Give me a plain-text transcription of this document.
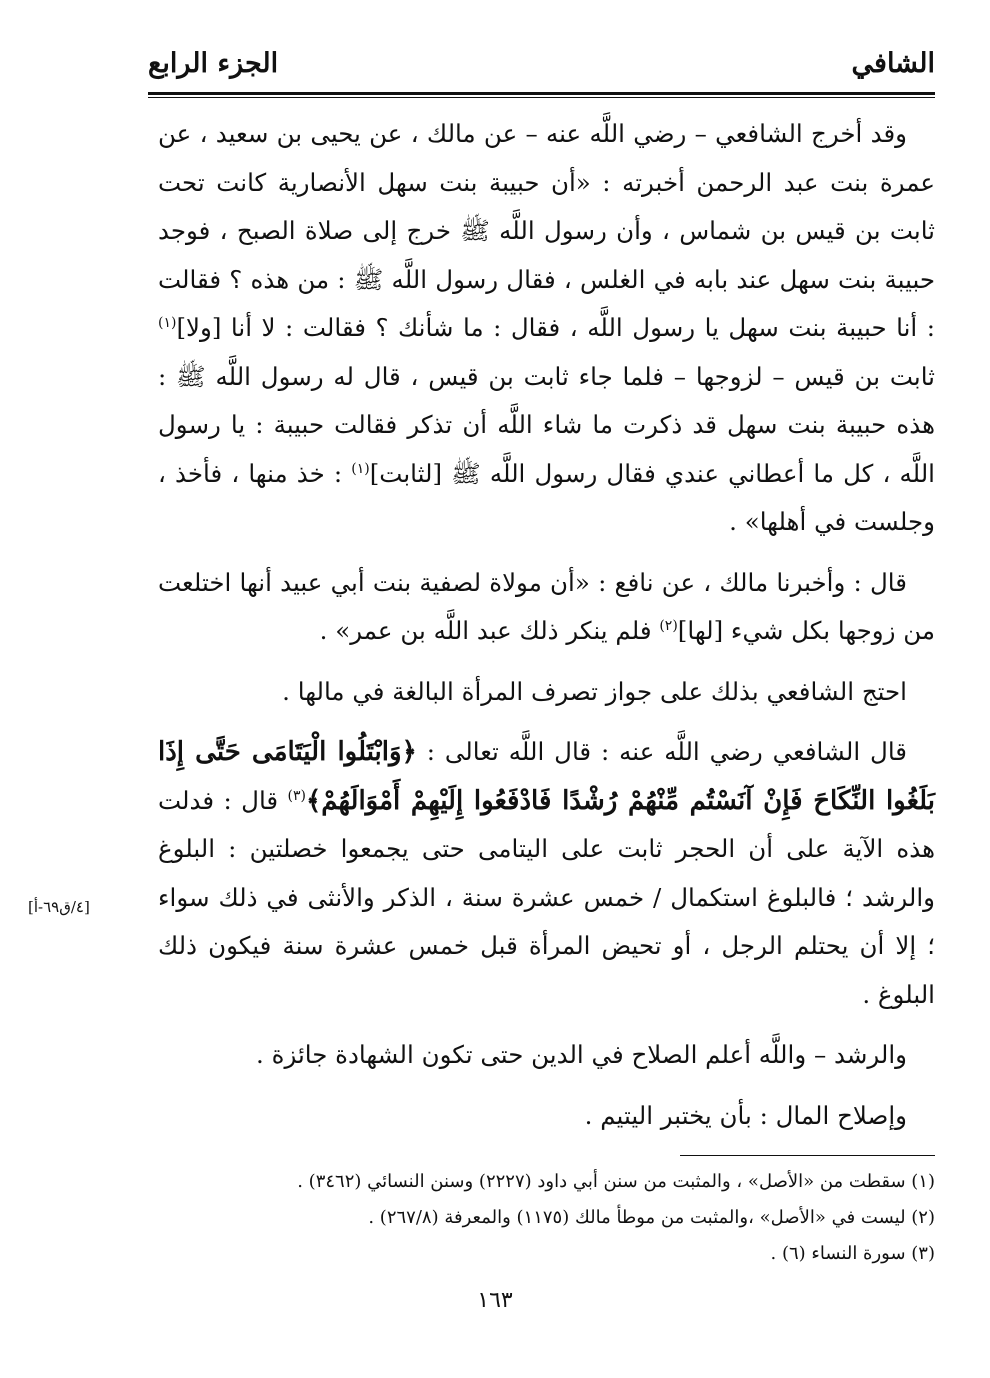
الشافي
الجزء الرابع

وقد أخرج الشافعي – رضي اللَّه عنه – عن مالك ، عن يحيى بن سعيد ، عن عمرة بنت عبد الرحمن أخبرته : «أن حبيبة بنت سهل الأنصارية كانت تحت ثابت بن قيس بن شماس ، وأن رسول اللَّه ﷺ خرج إلى صلاة الصبح ، فوجد حبيبة بنت سهل عند بابه في الغلس ، فقال رسول اللَّه ﷺ : من هذه ؟ فقالت : أنا حبيبة بنت سهل يا رسول اللَّه ، فقال : ما شأنك ؟ فقالت : لا أنا [ولا]$^{(١)}$ ثابت بن قيس – لزوجها – فلما جاء ثابت بن قيس ، قال له رسول اللَّه ﷺ : هذه حبيبة بنت سهل قد ذكرت ما شاء اللَّه أن تذكر فقالت حبيبة : يا رسول اللَّه ، كل ما أعطاني عندي فقال رسول اللَّه ﷺ [لثابت]$^{(١)}$ : خذ منها ، فأخذ ، وجلست في أهلها» .

قال : وأخبرنا مالك ، عن نافع : «أن مولاة لصفية بنت أبي عبيد أنها اختلعت من زوجها بكل شيء [لها]$^{(٢)}$ فلم ينكر ذلك عبد اللَّه بن عمر» .

احتج الشافعي بذلك على جواز تصرف المرأة البالغة في مالها .

قال الشافعي رضي اللَّه عنه : قال اللَّه تعالى : ﴿وَابْتَلُوا الْيَتَامَى حَتَّى إِذَا بَلَغُوا النِّكَاحَ فَإِنْ آنَسْتُم مِّنْهُمْ رُشْدًا فَادْفَعُوا إِلَيْهِمْ أَمْوَالَهُمْ﴾$^{(٣)}$ قال : فدلت هذه الآية على أن الحجر ثابت على اليتامى حتى يجمعوا خصلتين : البلوغ والرشد ؛ فالبلوغ استكمال / خمس عشرة سنة ، الذكر والأنثى في ذلك سواء ؛ إلا أن يحتلم الرجل ، أو تحيض المرأة قبل خمس عشرة سنة فيكون ذلك البلوغ .

والرشد – واللَّه أعلم الصلاح في الدين حتى تكون الشهادة جائزة .

وإصلاح المال : بأن يختبر اليتيم .

[٤/ق٦٩-أ]
(١) سقطت من «الأصل» ، والمثبت من سنن أبي داود (٢٢٢٧) وسنن النسائي (٣٤٦٢) .
(٢) ليست في «الأصل» ،والمثبت من موطأ مالك (١١٧٥) والمعرفة (٢٦٧/٨) .
(٣) سورة النساء (٦) .
١٦٣
